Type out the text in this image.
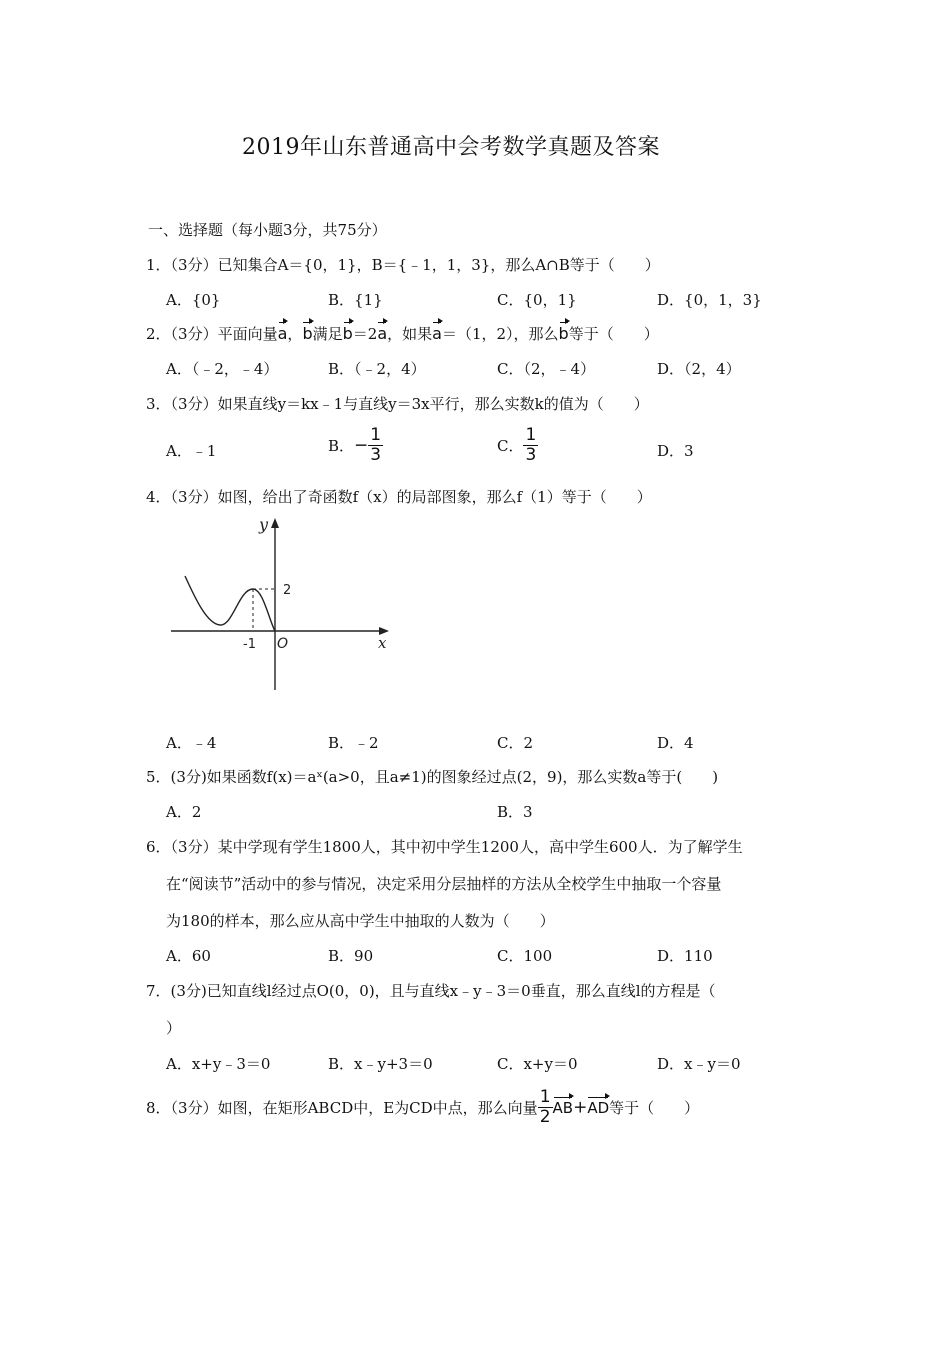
2019年山东普通高中会考数学真题及答案
一、选择题（每小题3分，共75分）
1．（3分）已知集合A＝{0，1}，B＝{﹣1，1，3}，那么A∩B等于（　　）
A．{0}	B．{1}	C．{0，1}	D．{0，1，3}
2．（3分）平面向量a，b满足b＝2a，如果a＝（1，2），那么b等于（　　）
A．（﹣2，﹣4）	B．（﹣2，4）	C．（2，﹣4）	D．（2，4）
3．（3分）如果直线y＝kx﹣1与直线y＝3x平行，那么实数k的值为（　　）
A．﹣1	B．− $\frac{1}{3}$	C． $\frac{1}{3}$	D．3
4．（3分）如图，给出了奇函数f（x）的局部图象，那么f（1）等于（　　）
y
x
O
2
-1
A．﹣4	B．﹣2	C．2	D．4
5．(3分)如果函数f(x)＝aˣ(a>0，且a≠1)的图象经过点(2，9)，那么实数a等于(　　)
A．2	B．3
6．（3分）某中学现有学生1800人，其中初中学生1200人，高中学生600人．为了解学生
在“阅读节”活动中的参与情况，决定采用分层抽样的方法从全校学生中抽取一个容量
为180的样本，那么应从高中学生中抽取的人数为（　　）
A．60	B．90	C．100	D．110
7．(3分)已知直线l经过点O(0，0)，且与直线x﹣y﹣3＝0垂直，那么直线l的方程是（
）
A．x+y﹣3＝0	B．x﹣y+3＝0	C．x+y＝0	D．x﹣y＝0
8．（3分）如图，在矩形ABCD中，E为CD中点，那么向量 $\frac{1}{2} AB+AD$等于（　　）
